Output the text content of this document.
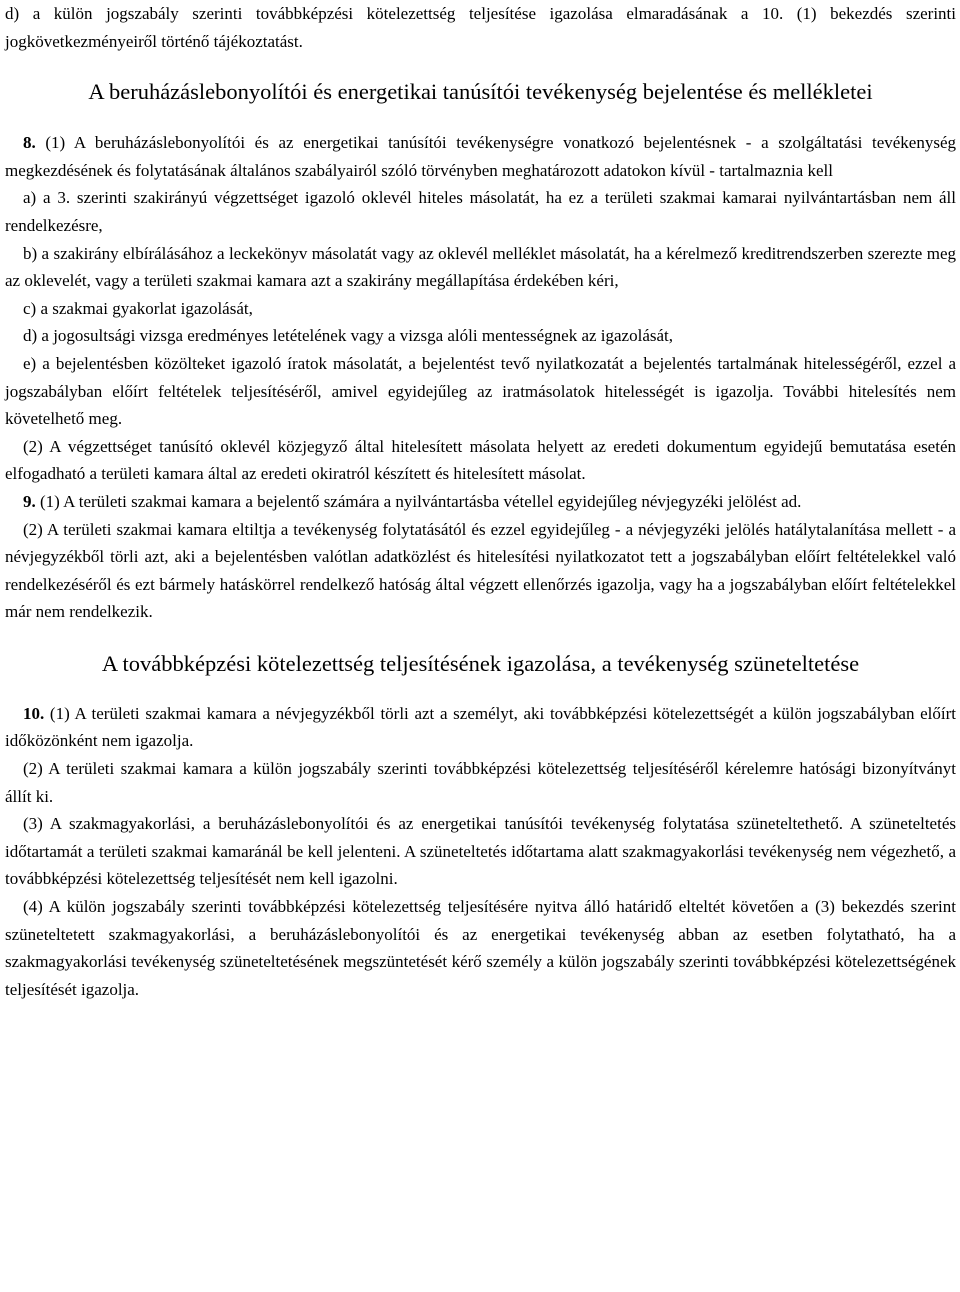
d) a külön jogszabály szerinti továbbképzési kötelezettség teljesítése igazolása elmaradásának a 10. (1) bekezdés szerinti jogkövetkezményeiről történő tájékoztatást.

A beruházáslebonyolítói és energetikai tanúsítói tevékenység bejelentése és mellékletei

8. (1) A beruházáslebonyolítói és az energetikai tanúsítói tevékenységre vonatkozó bejelentésnek - a szolgáltatási tevékenység megkezdésének és folytatásának általános szabályairól szóló törvényben meghatározott adatokon kívül - tartalmaznia kell

a) a 3. szerinti szakirányú végzettséget igazoló oklevél hiteles másolatát, ha ez a területi szakmai kamarai nyilvántartásban nem áll rendelkezésre,

b) a szakirány elbírálásához a leckekönyv másolatát vagy az oklevél melléklet másolatát, ha a kérelmező kreditrendszerben szerezte meg az oklevelét, vagy a területi szakmai kamara azt a szakirány megállapítása érdekében kéri,

c) a szakmai gyakorlat igazolását,

d) a jogosultsági vizsga eredményes letételének vagy a vizsga alóli mentességnek az igazolását,

e) a bejelentésben közölteket igazoló íratok másolatát, a bejelentést tevő nyilatkozatát a bejelentés tartalmának hitelességéről, ezzel a jogszabályban előírt feltételek teljesítéséről, amivel egyidejűleg az iratmásolatok hitelességét is igazolja. További hitelesítés nem követelhető meg.

(2) A végzettséget tanúsító oklevél közjegyző által hitelesített másolata helyett az eredeti dokumentum egyidejű bemutatása esetén elfogadható a területi kamara által az eredeti okiratról készített és hitelesített másolat.

9. (1) A területi szakmai kamara a bejelentő számára a nyilvántartásba vétellel egyidejűleg névjegyzéki jelölést ad.

(2) A területi szakmai kamara eltiltja a tevékenység folytatásától és ezzel egyidejűleg - a névjegyzéki jelölés hatálytalanítása mellett - a névjegyzékből törli azt, aki a bejelentésben valótlan adatközlést és hitelesítési nyilatkozatot tett a jogszabályban előírt feltételekkel való rendelkezéséről és ezt bármely hatáskörrel rendelkező hatóság által végzett ellenőrzés igazolja, vagy ha a jogszabályban előírt feltételekkel már nem rendelkezik.

A továbbképzési kötelezettség teljesítésének igazolása, a tevékenység szüneteltetése

10. (1) A területi szakmai kamara a névjegyzékből törli azt a személyt, aki továbbképzési kötelezettségét a külön jogszabályban előírt időközönként nem igazolja.

(2) A területi szakmai kamara a külön jogszabály szerinti továbbképzési kötelezettség teljesítéséről kérelemre hatósági bizonyítványt állít ki.

(3) A szakmagyakorlási, a beruházáslebonyolítói és az energetikai tanúsítói tevékenység folytatása szüneteltethető. A szüneteltetés időtartamát a területi szakmai kamaránál be kell jelenteni. A szüneteltetés időtartama alatt szakmagyakorlási tevékenység nem végezhető, a továbbképzési kötelezettség teljesítését nem kell igazolni.

(4) A külön jogszabály szerinti továbbképzési kötelezettség teljesítésére nyitva álló határidő elteltét követően a (3) bekezdés szerint szüneteltetett szakmagyakorlási, a beruházáslebonyolítói és az energetikai tevékenység abban az esetben folytatható, ha a szakmagyakorlási tevékenység szüneteltetésének megszüntetését kérő személy a külön jogszabály szerinti továbbképzési kötelezettségének teljesítését igazolja.
